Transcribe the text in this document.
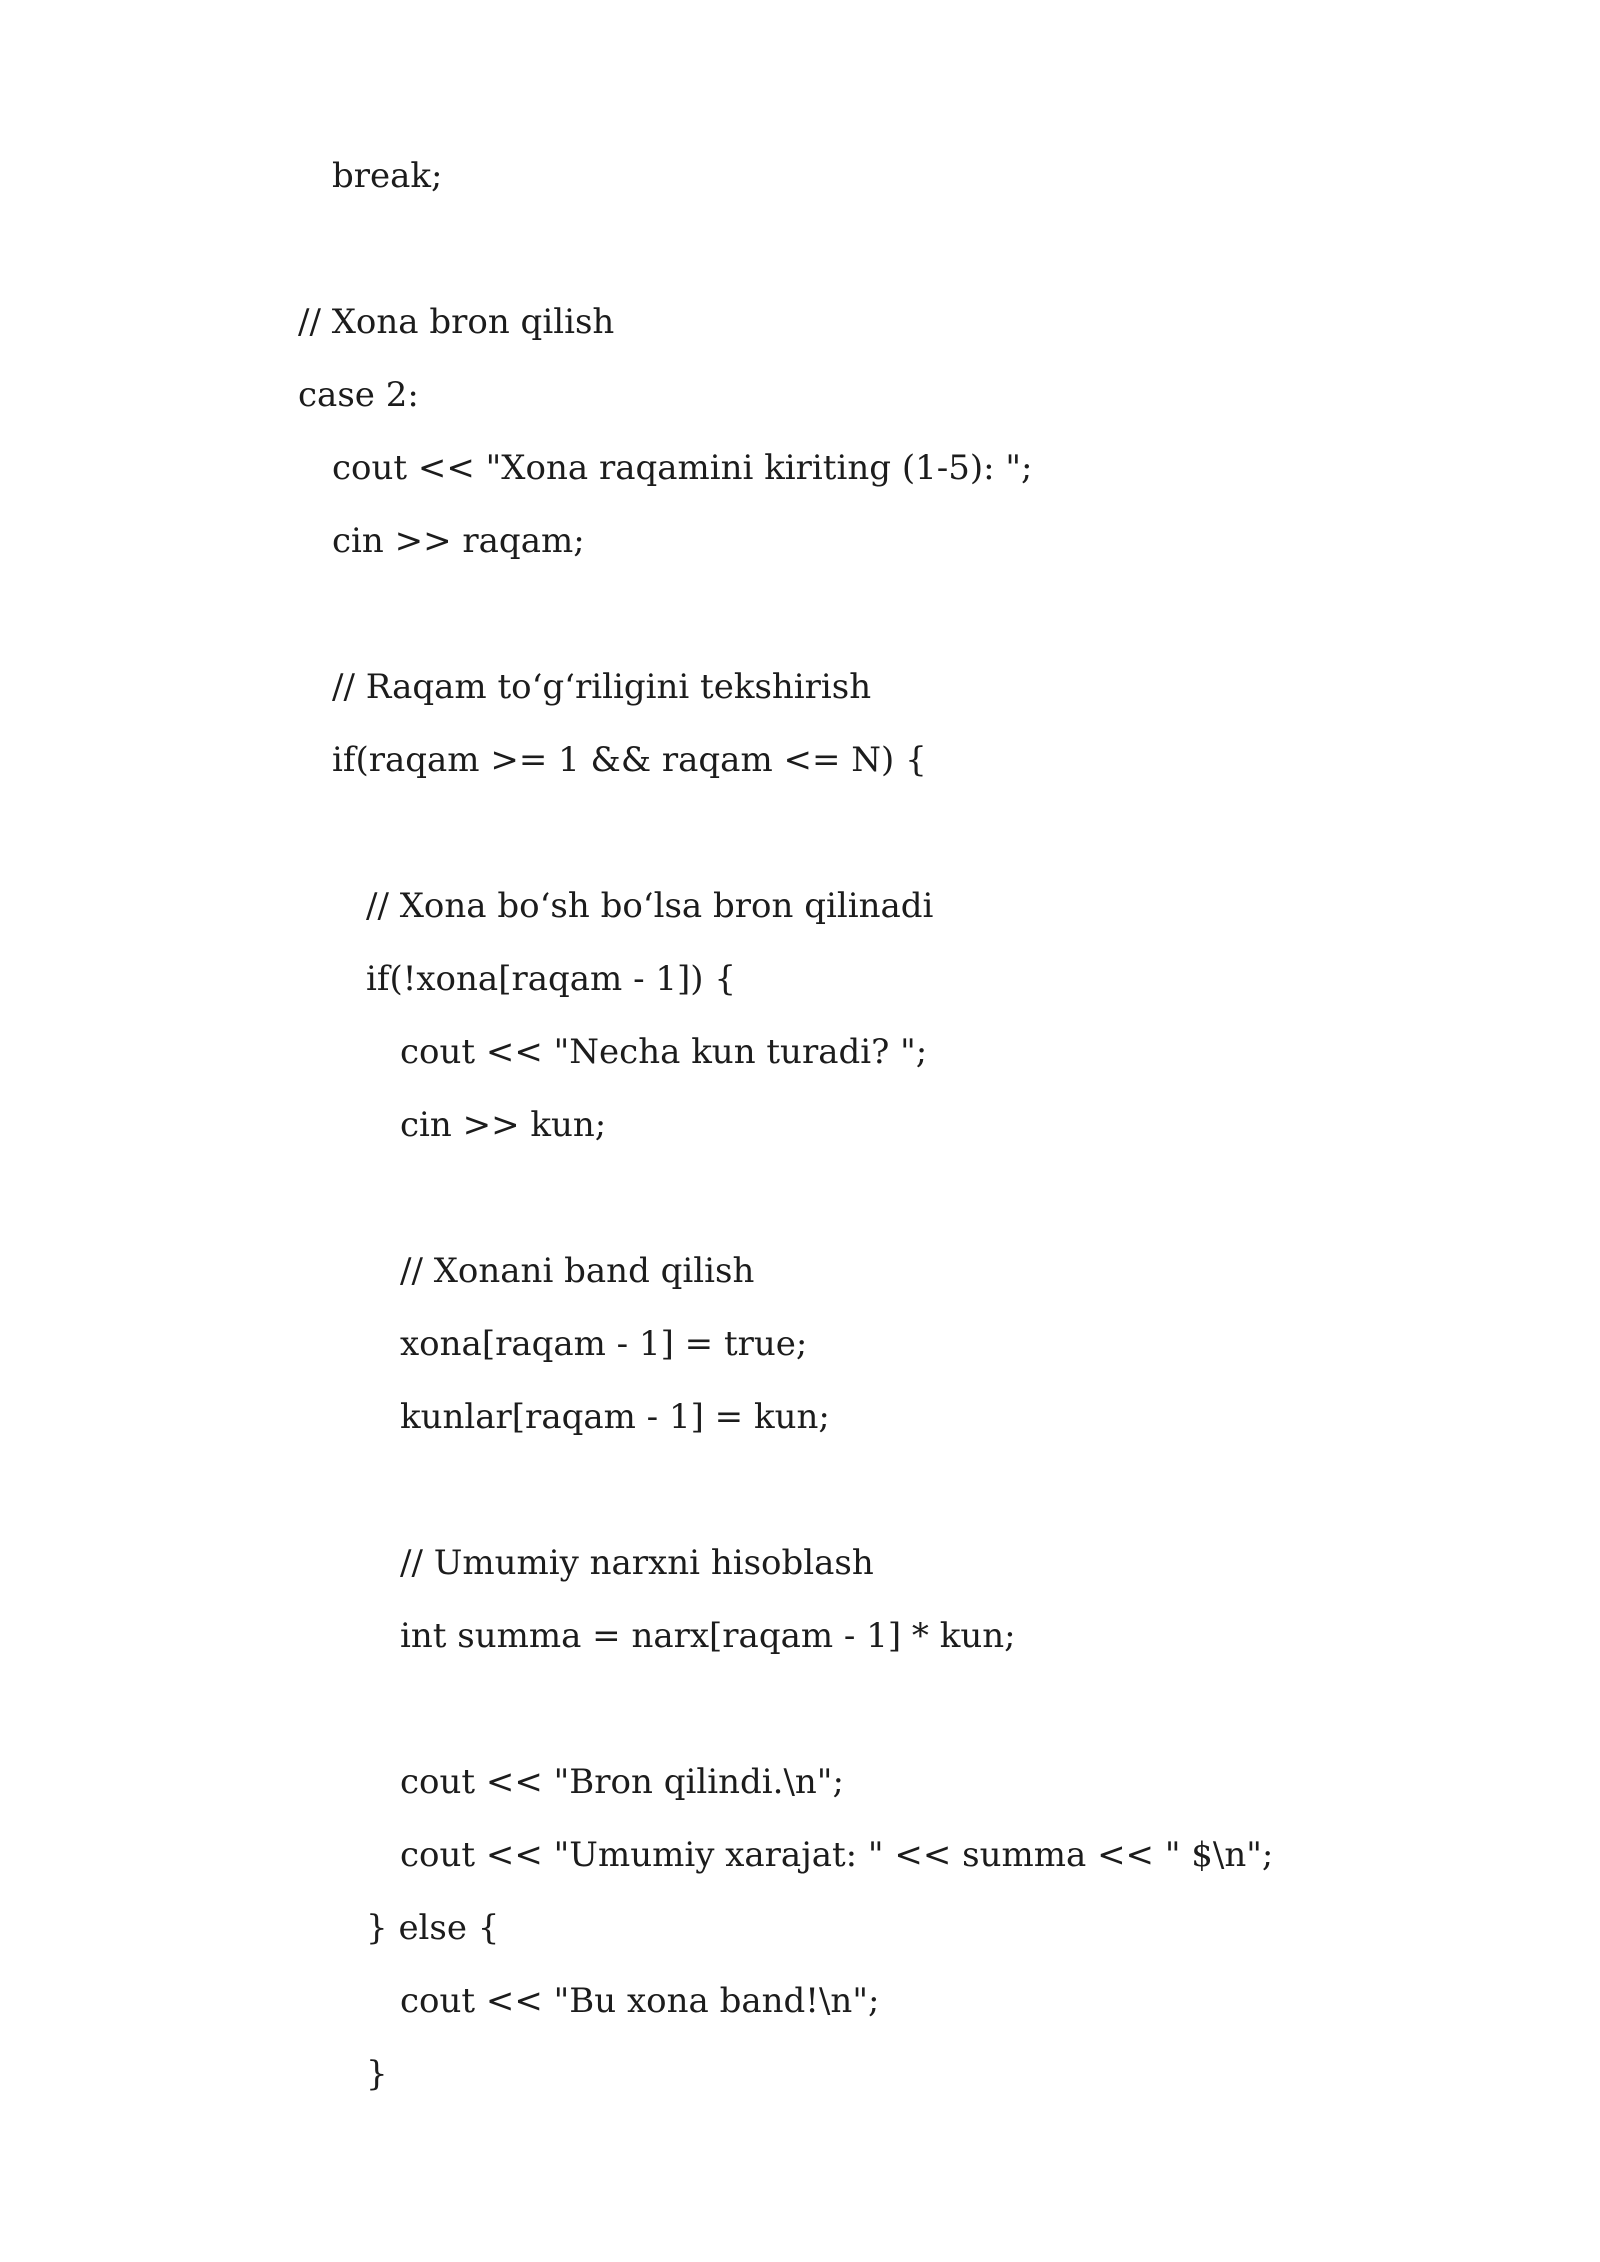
break;
// Xona bron qilish
case 2:
cout << "Xona raqamini kiriting (1-5): ";
cin >> raqam;
// Raqam to‘g‘riligini tekshirish
if(raqam >= 1 && raqam <= N) {
// Xona bo‘sh bo‘lsa bron qilinadi
if(!xona[raqam - 1]) {
cout << "Necha kun turadi? ";
cin >> kun;
// Xonani band qilish
xona[raqam - 1] = true;
kunlar[raqam - 1] = kun;
// Umumiy narxni hisoblash
int summa = narx[raqam - 1] * kun;
cout << "Bron qilindi.\n";
cout << "Umumiy xarajat: " << summa << " $\n";
} else {
cout << "Bu xona band!\n";
}
